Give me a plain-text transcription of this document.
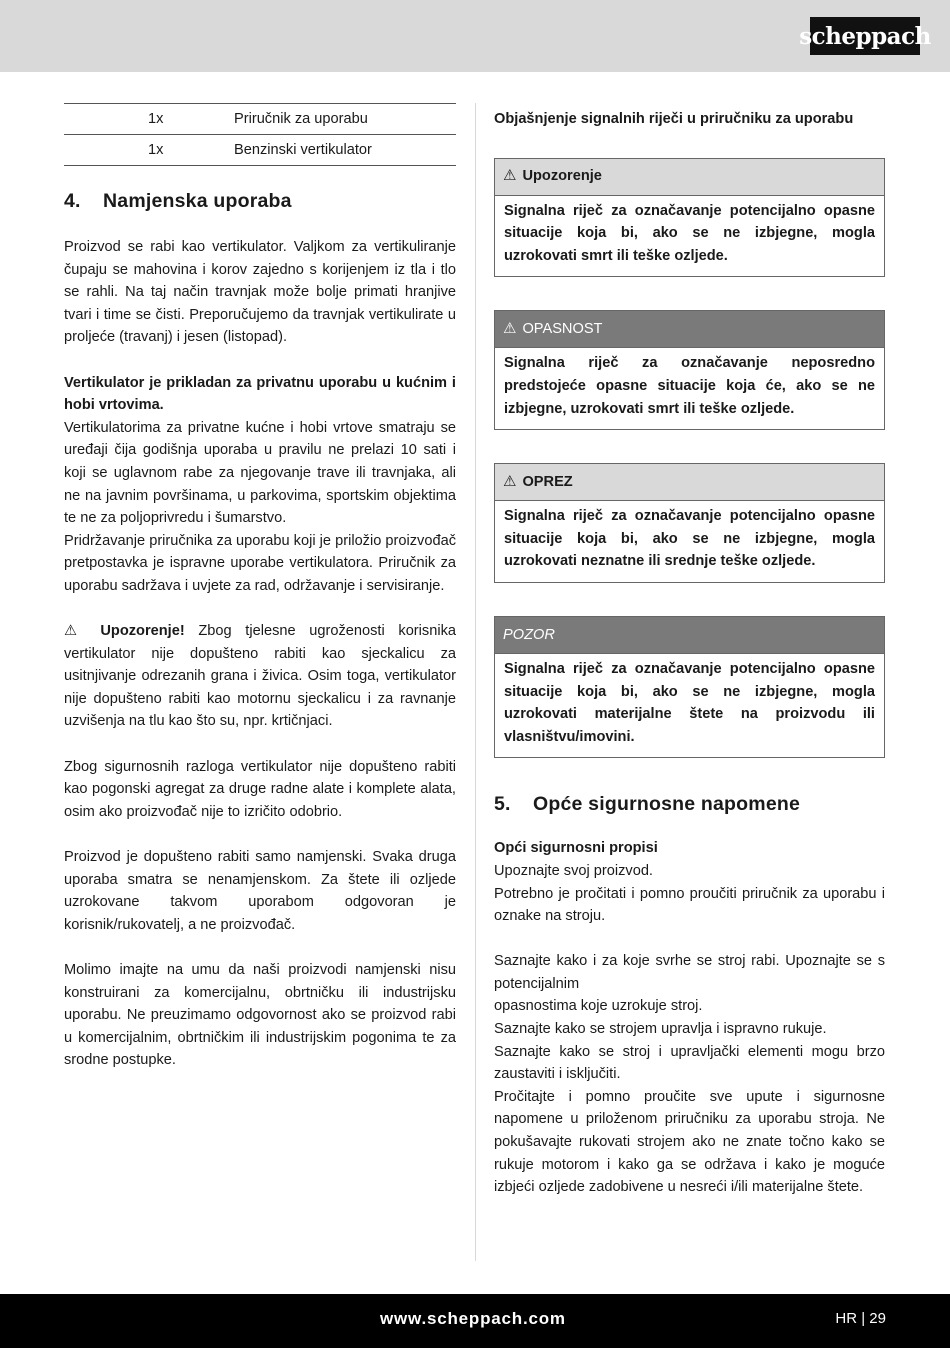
scheppach
1x	Priručnik za uporabu
1x	Benzinski vertikulator
4. Namjenska uporaba

Proizvod se rabi kao vertikulator. Valjkom za vertikuliranje čupaju se mahovina i korov zajedno s korijenjem iz tla i tlo se rahli. Na taj način travnjak može bolje primati hranjive tvari i time se čisti. Preporučujemo da travnjak vertikulirate u proljeće (travanj) i jesen (listopad).

Vertikulator je prikladan za privatnu uporabu u kućnim i hobi vrtovima.

Vertikulatorima za privatne kućne i hobi vrtove smatraju se uređaji čija godišnja uporaba u pravilu ne prelazi 10 sati i koji se uglavnom rabe za njegovanje trave ili travnjaka, ali ne na javnim površinama, u parkovima, sportskim objektima te ne za poljoprivredu i šumarstvo.

Pridržavanje priručnika za uporabu koji je priložio proizvođač pretpostavka je ispravne uporabe vertikulatora. Priručnik za uporabu sadržava i uvjete za rad, održavanje i servisiranje.

⚠ Upozorenje! Zbog tjelesne ugroženosti korisnika vertikulator nije dopušteno rabiti kao sjeckalicu za usitnjivanje odrezanih grana i živica. Osim toga, vertikulator nije dopušteno rabiti kao motornu sjeckalicu i za ravnanje uzvišenja na tlu kao što su, npr. krtičnjaci.

Zbog sigurnosnih razloga vertikulator nije dopušteno rabiti kao pogonski agregat za druge radne alate i komplete alata, osim ako proizvođač nije to izričito odobrio.

Proizvod je dopušteno rabiti samo namjenski. Svaka druga uporaba smatra se nenamjenskom. Za štete ili ozljede uzrokovane takvom uporabom odgovoran je korisnik/rukovatelj, a ne proizvođač.

Molimo imajte na umu da naši proizvodi namjenski nisu konstruirani za komercijalnu, obrtničku ili industrijsku uporabu. Ne preuzimamo odgovornost ako se proizvod rabi u komercijalnim, obrtničkim ili industrijskim pogonima te za srodne postupke.

Objašnjenje signalnih riječi u priručniku za uporabu

⚠ Upozorenje
Signalna riječ za označavanje potencijalno opasne situacije koja bi, ako se ne izbjegne, mogla uzrokovati smrt ili teške ozljede.
⚠ OPASNOST
Signalna riječ za označavanje neposredno predstojeće opasne situacije koja će, ako se ne izbjegne, uzrokovati smrt ili teške ozljede.
⚠ OPREZ
Signalna riječ za označavanje potencijalno opasne situacije koja bi, ako se ne izbjegne, mogla uzrokovati neznatne ili srednje teške ozljede.
POZOR
Signalna riječ za označavanje potencijalno opasne situacije koja bi, ako se ne izbjegne, mogla uzrokovati materijalne štete na proizvodu ili vlasništvu/imovini.
5. Opće sigurnosne napomene

Opći sigurnosni propisi

Upoznajte svoj proizvod.

Potrebno je pročitati i pomno proučiti priručnik za uporabu i oznake na stroju.

Saznajte kako i za koje svrhe se stroj rabi. Upoznajte se s potencijalnim

opasnostima koje uzrokuje stroj.

Saznajte kako se strojem upravlja i ispravno rukuje.

Saznajte kako se stroj i upravljački elementi mogu brzo zaustaviti i isključiti.

Pročitajte i pomno proučite sve upute i sigurnosne napomene u priloženom priručniku za uporabu stroja. Ne pokušavajte rukovati strojem ako ne znate točno kako se rukuje motorom i kako ga se održava i kako je moguće izbjeći ozljede zadobivene u nesreći i/ili materijalne štete.

www.scheppach.com	HR | 29
